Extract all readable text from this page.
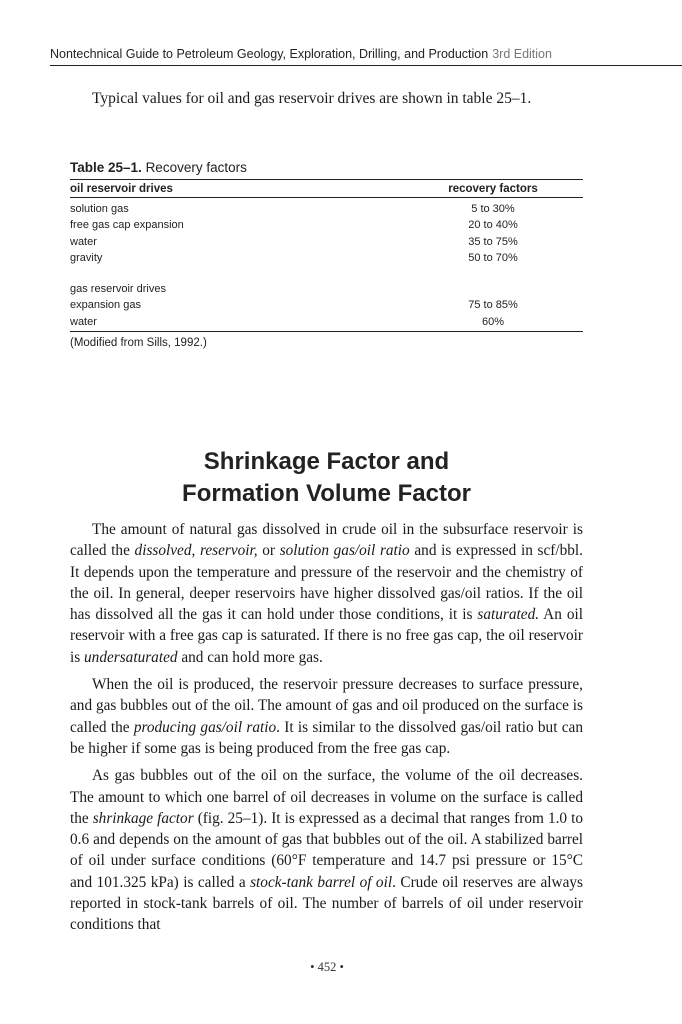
Nontechnical Guide to Petroleum Geology, Exploration, Drilling, and Production 3rd Edition
Typical values for oil and gas reservoir drives are shown in table 25–1.
Table 25–1. Recovery factors
oil reservoir drives	recovery factors
solution gas	5 to 30%
free gas cap expansion	20 to 40%
water	35 to 75%
gravity	50 to 70%
gas reservoir drives
expansion gas	75 to 85%
water	60%
(Modified from Sills, 1992.)
Shrinkage Factor and
Formation Volume Factor

The amount of natural gas dissolved in crude oil in the subsurface reservoir is called the dissolved, reservoir, or solution gas/oil ratio and is expressed in scf/bbl. It depends upon the temperature and pressure of the reservoir and the chemistry of the oil. In general, deeper reservoirs have higher dissolved gas/oil ratios. If the oil has dissolved all the gas it can hold under those conditions, it is saturated. An oil reservoir with a free gas cap is saturated. If there is no free gas cap, the oil reservoir is undersaturated and can hold more gas.

When the oil is produced, the reservoir pressure decreases to surface pressure, and gas bubbles out of the oil. The amount of gas and oil produced on the surface is called the producing gas/oil ratio. It is similar to the dissolved gas/oil ratio but can be higher if some gas is being produced from the free gas cap.

As gas bubbles out of the oil on the surface, the volume of the oil decreases. The amount to which one barrel of oil decreases in volume on the surface is called the shrinkage factor (fig. 25–1). It is expressed as a decimal that ranges from 1.0 to 0.6 and depends on the amount of gas that bubbles out of the oil. A stabilized barrel of oil under surface conditions (60°F temperature and 14.7 psi pressure or 15°C and 101.325 kPa) is called a stock-tank barrel of oil. Crude oil reserves are always reported in stock-tank barrels of oil. The number of barrels of oil under reservoir conditions that

• 452 •
